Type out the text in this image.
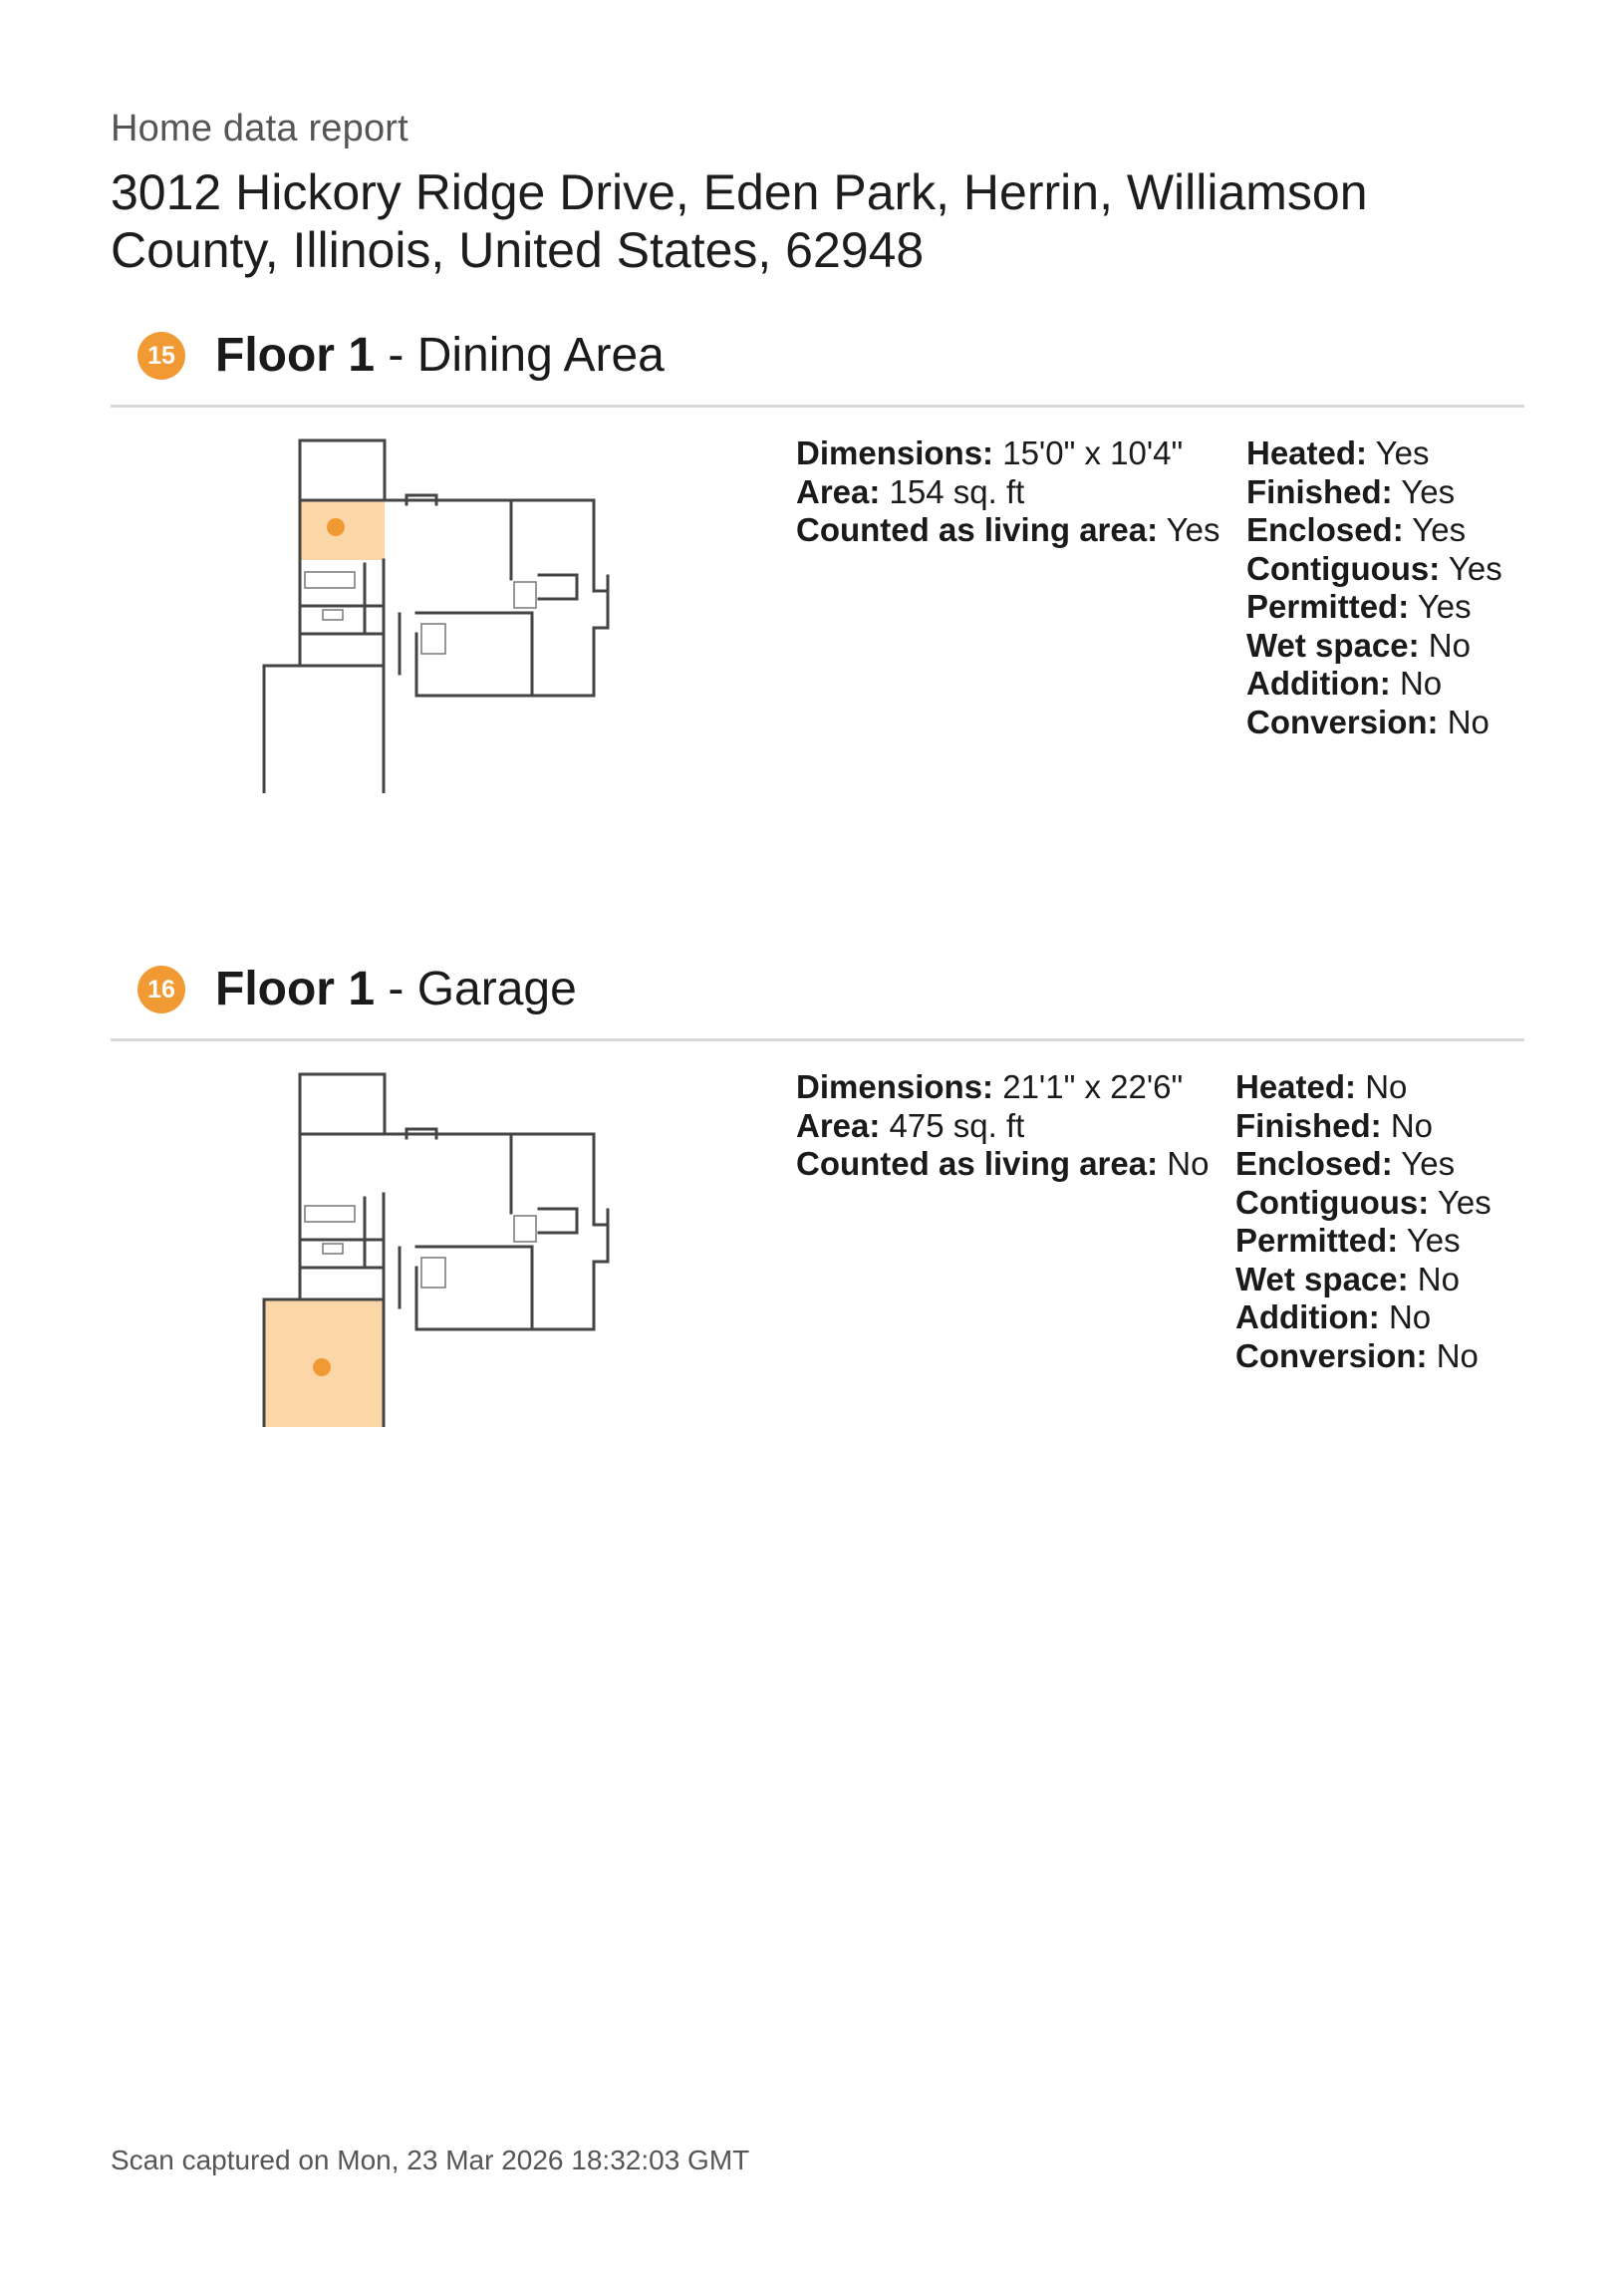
Home data report
3012 Hickory Ridge Drive, Eden Park, Herrin, Williamson County, Illinois, United States, 62948
15 Floor 1 - Dining Area
Dimensions: 15'0" x 10'4"
Area: 154 sq. ft
Counted as living area: Yes
Heated: Yes
Finished: Yes
Enclosed: Yes
Contiguous: Yes
Permitted: Yes
Wet space: No
Addition: No
Conversion: No
16 Floor 1 - Garage
Dimensions: 21'1" x 22'6"
Area: 475 sq. ft
Counted as living area: No
Heated: No
Finished: No
Enclosed: Yes
Contiguous: Yes
Permitted: Yes
Wet space: No
Addition: No
Conversion: No
Scan captured on Mon, 23 Mar 2026 18:32:03 GMT
